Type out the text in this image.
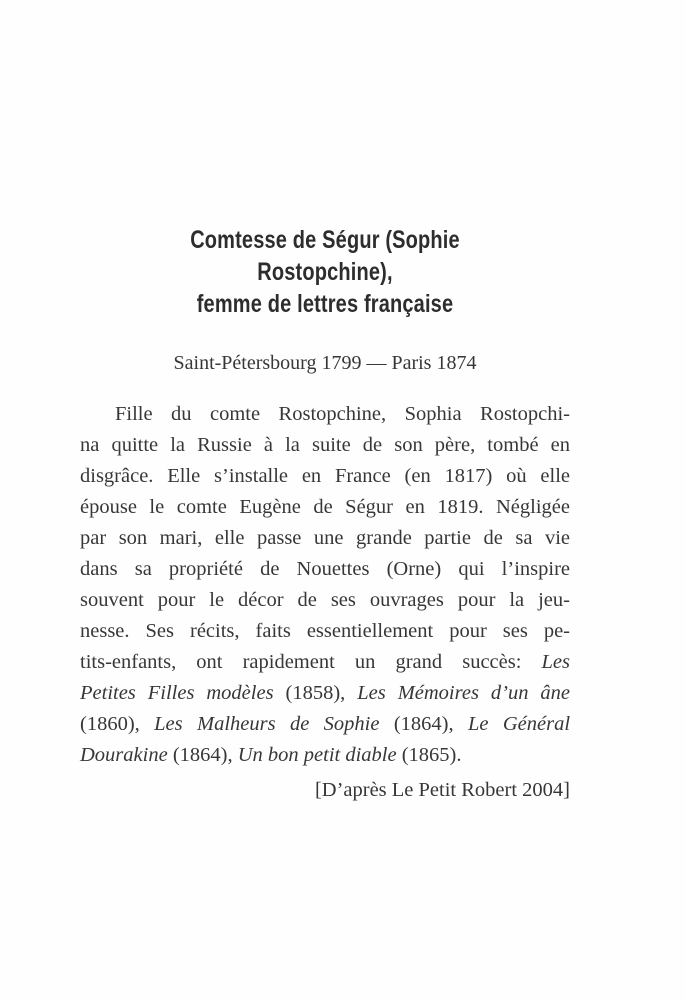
Comtesse de Ségur (Sophie Rostopchine),
femme de lettres française
Saint-Pétersbourg 1799 — Paris 1874
Fille du comte Rostopchine, Sophia Rostopchi-
na quitte la Russie à la suite de son père, tombé en
disgrâce. Elle s’installe en France (en 1817) où elle
épouse le comte Eugène de Ségur en 1819. Négligée
par son mari, elle passe une grande partie de sa vie
dans sa propriété de Nouettes (Orne) qui l’inspire
souvent pour le décor de ses ouvrages pour la jeu-
nesse. Ses récits, faits essentiellement pour ses pe-
tits-enfants, ont rapidement un grand succès: Les
Petites Filles modèles (1858), Les Mémoires d’un âne
(1860), Les Malheurs de Sophie (1864), Le Général
Dourakine (1864), Un bon petit diable (1865).
[D’après Le Petit Robert 2004]
